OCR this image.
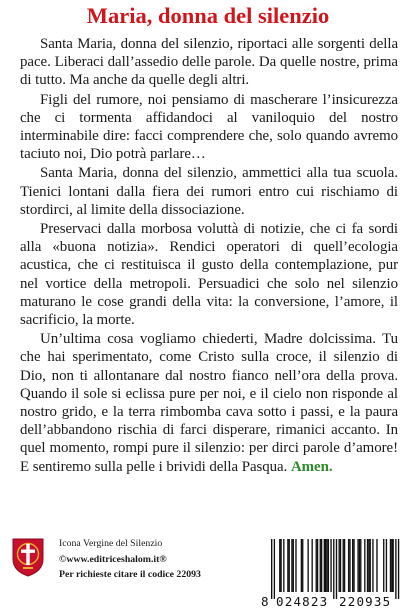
Maria, donna del silenzio

Santa Maria, donna del silenzio, riportaci alle sorgenti della pace. Liberaci dall’assedio delle parole. Da quelle nostre, prima di tutto. Ma anche da quelle degli altri.

Figli del rumore, noi pensiamo di mascherare l’insicurezza che ci tormenta affidandoci al vaniloquio del nostro interminabile dire: facci comprendere che, solo quando avremo taciuto noi, Dio potrà parlare…

Santa Maria, donna del silenzio, ammettici alla tua scuola. Tienici lontani dalla fiera dei rumori entro cui rischiamo di stordirci, al limite della dissociazione.

Preservaci dalla morbosa voluttà di notizie, che ci fa sordi alla «buona notizia». Rendici operatori di quell’ecologia acustica, che ci restituisca il gusto della contemplazione, pur nel vortice della metropoli. Persuadici che solo nel silenzio maturano le cose grandi della vita: la conversione, l’amore, il sacrificio, la morte.

Un’ultima cosa vogliamo chiederti, Madre dolcissima. Tu che hai sperimentato, come Cristo sulla croce, il silenzio di Dio, non ti allontanare dal nostro fianco nell’ora della prova. Quando il sole si eclissa pure per noi, e il cielo non risponde al nostro grido, e la terra rimbomba cava sotto i passi, e la paura dell’abbandono rischia di farci disperare, rimanici accanto. In quel momento, rompi pure il silenzio: per dirci parole d’amore! E sentiremo sulla pelle i brividi della Pasqua. Amen.

Icona Vergine del Silenzio
©www.editriceshalom.it®
Per richieste citare il codice 22093
8 024823 220935
